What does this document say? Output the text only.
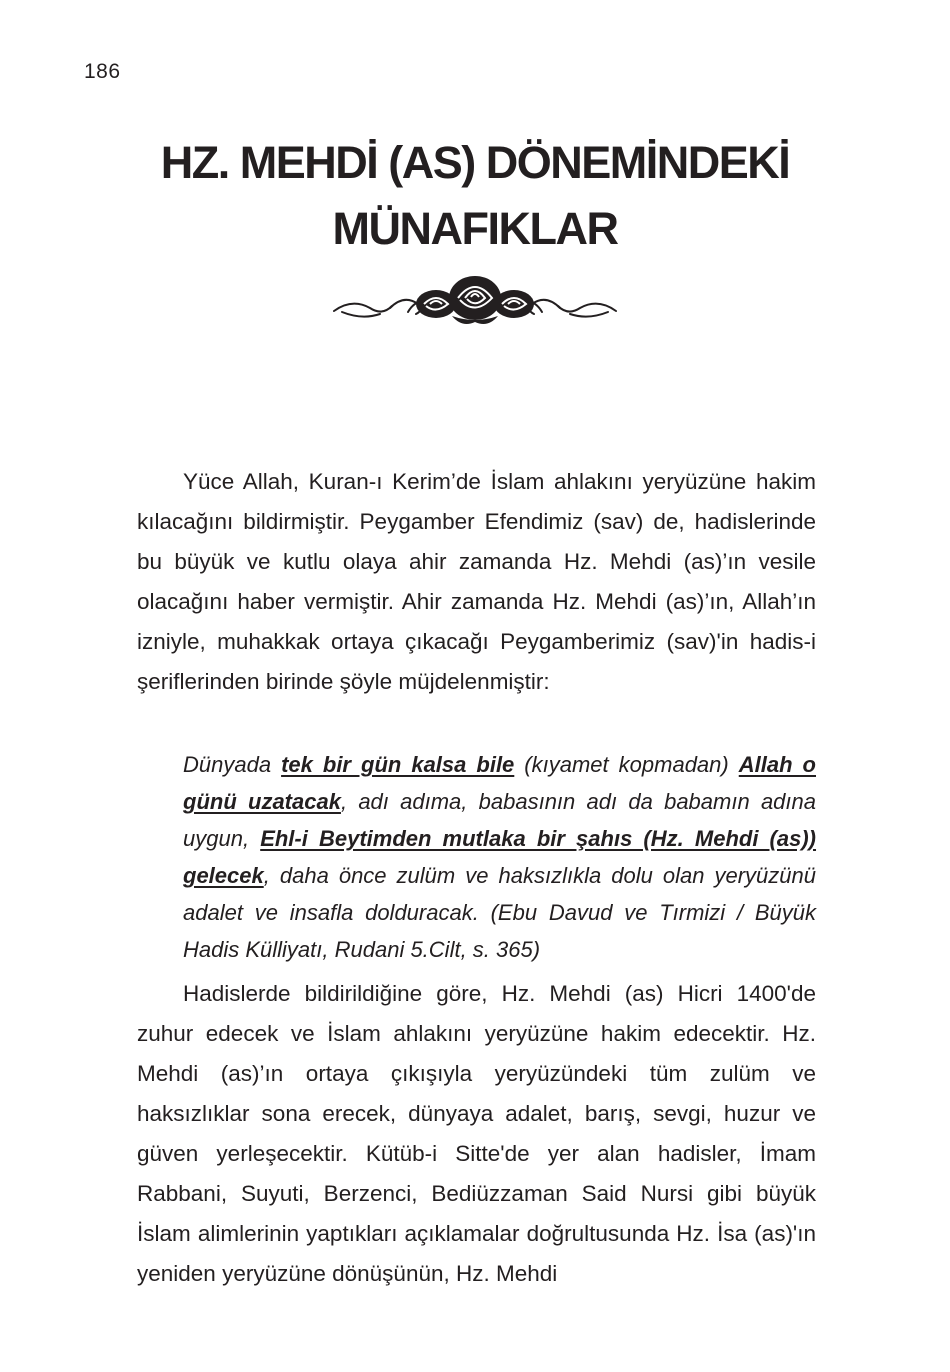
186
HZ. MEHDİ (AS) DÖNEMİNDEKİ
MÜNAFIKLAR

Yüce Allah, Kuran-ı Kerim’de İslam ahlakını yeryüzüne hakim kılacağını bildirmiştir. Peygamber Efendimiz (sav) de, hadislerinde bu büyük ve kutlu olaya ahir zamanda Hz. Mehdi (as)’ın vesile olacağını haber vermiştir. Ahir zamanda Hz. Mehdi (as)’ın, Allah’ın izniyle, muhakkak ortaya çıkacağı Peygamberimiz (sav)'in hadis-i şeriflerinden birinde şöyle müjdelenmiştir:

Dünyada tek bir gün kalsa bile (kıyamet kopmadan) Allah o günü uzatacak, adı adıma, babasının adı da babamın adına uygun, Ehl-i Beytimden mutlaka bir şahıs (Hz. Mehdi (as)) gelecek, daha önce zulüm ve haksızlıkla dolu olan yeryüzünü adalet ve insafla dolduracak. (Ebu Davud ve Tırmizi / Büyük Hadis Külliyatı, Rudani 5.Cilt, s. 365)

Hadislerde bildirildiğine göre, Hz. Mehdi (as) Hicri 1400'de zuhur edecek ve İslam ahlakını yeryüzüne hakim edecektir. Hz. Mehdi (as)’ın ortaya çıkışıyla yeryüzündeki tüm zulüm ve haksızlıklar sona erecek, dünyaya adalet, barış, sevgi, huzur ve güven yerleşecektir. Kütüb-i Sitte'de yer alan hadisler, İmam Rabbani, Suyuti, Berzenci, Bediüzzaman Said Nursi gibi büyük İslam alimlerinin yaptıkları açıklamalar doğrultusunda Hz. İsa (as)'ın yeniden yeryüzüne dönüşünün, Hz. Mehdi
